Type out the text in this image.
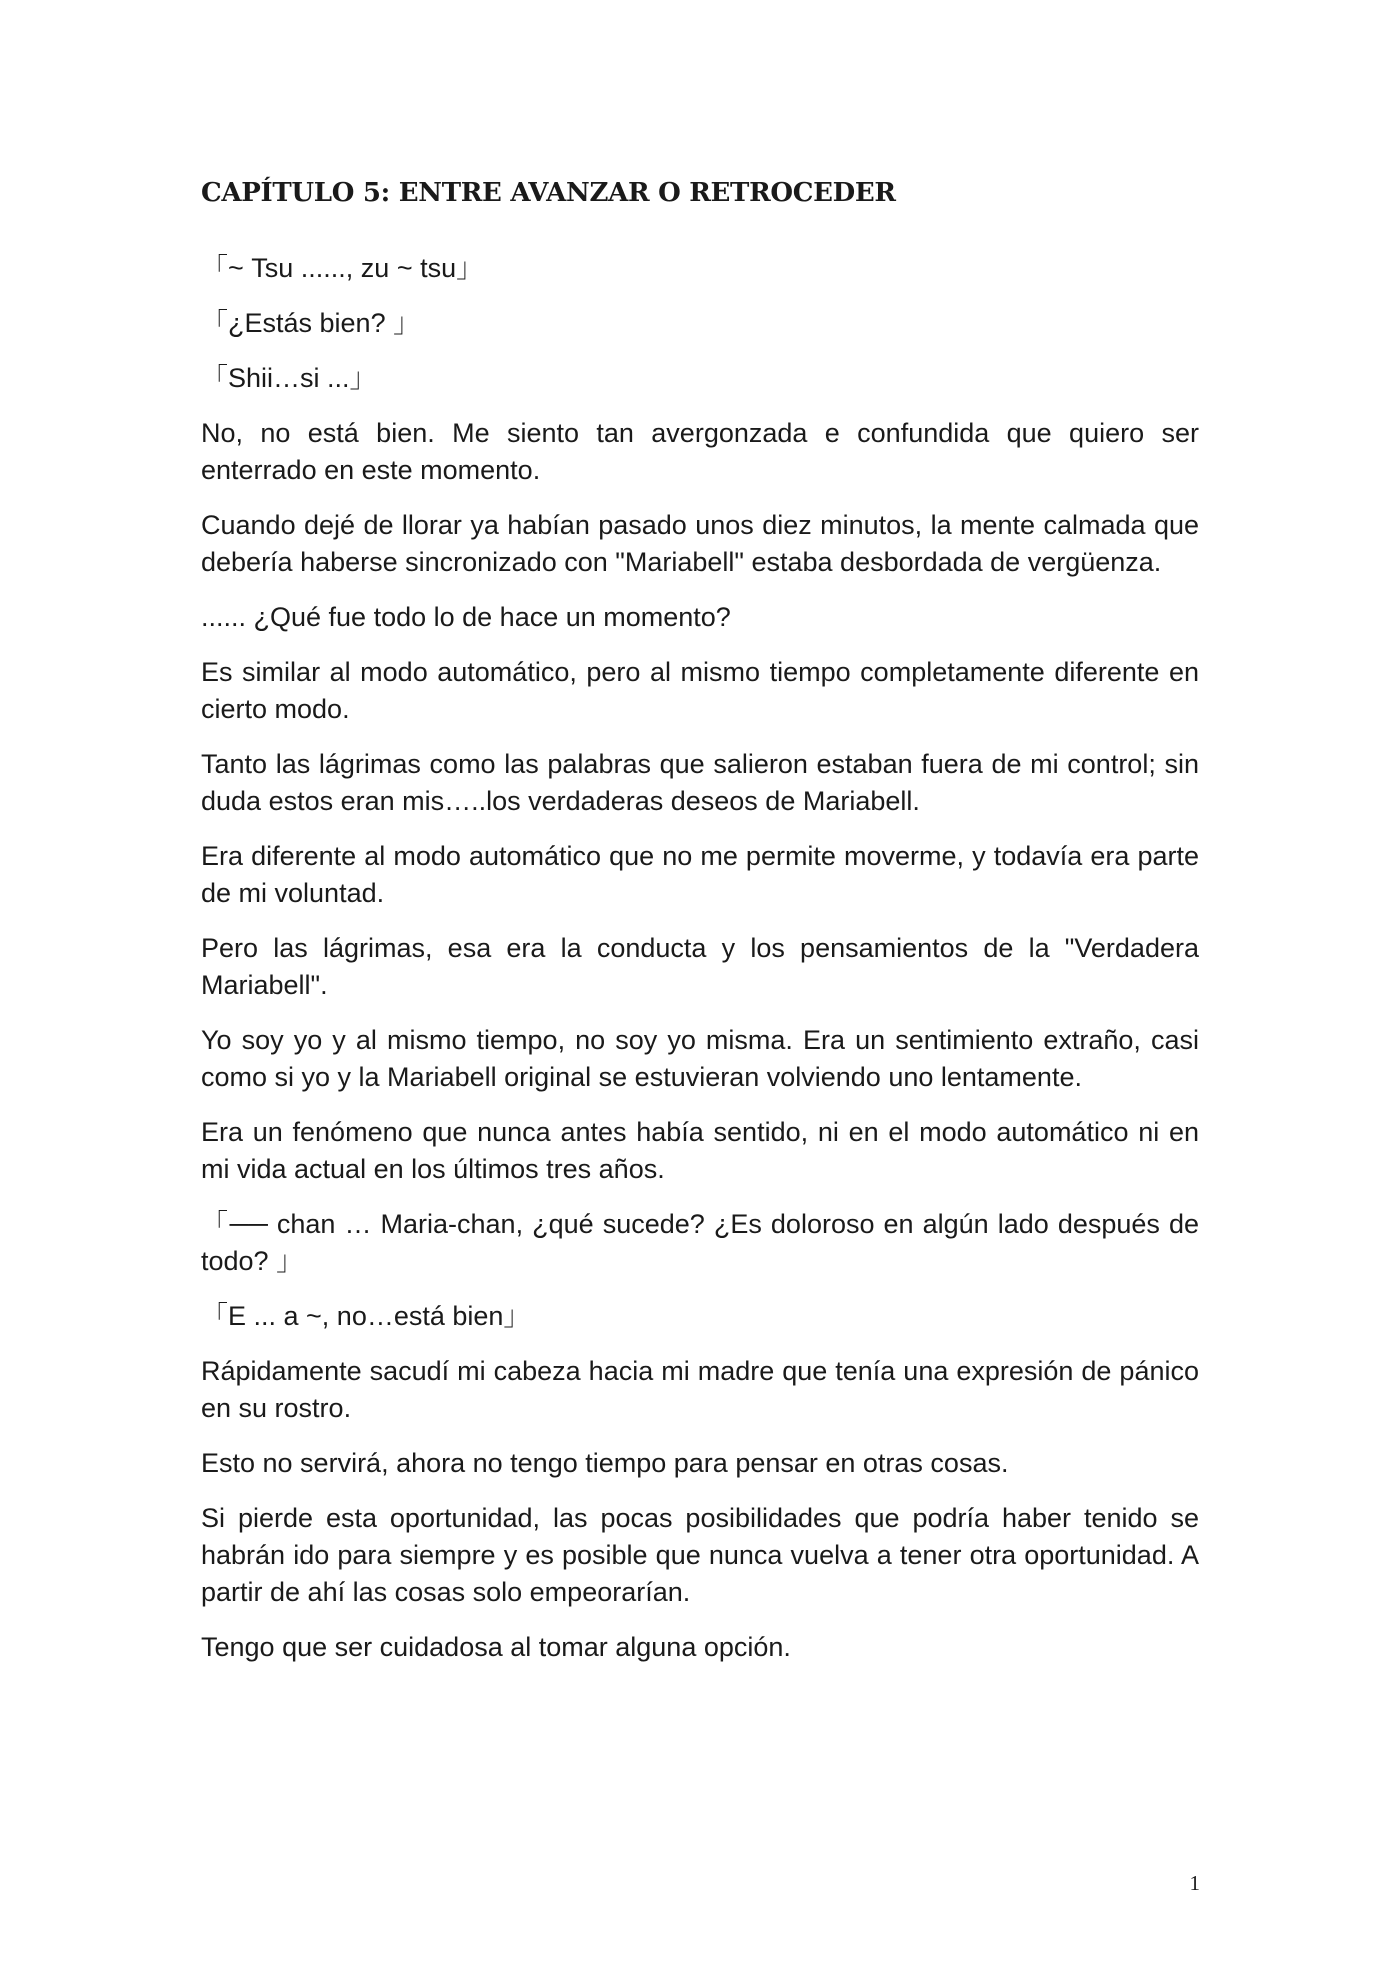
CAPÍTULO 5: ENTRE AVANZAR O RETROCEDER

「~ Tsu ......, zu ~ tsu」

「¿Estás bien? 」

「Shii…si ...」

No, no está bien. Me siento tan avergonzada e confundida que quiero ser enterrado en este momento.

Cuando dejé de llorar ya habían pasado unos diez minutos, la mente calmada que debería haberse sincronizado con "Mariabell" estaba desbordada de vergüenza.

...... ¿Qué fue todo lo de hace un momento?

Es similar al modo automático, pero al mismo tiempo completamente diferente en cierto modo.

Tanto las lágrimas como las palabras que salieron estaban fuera de mi control; sin duda estos eran mis…..los verdaderas deseos de Mariabell.

Era diferente al modo automático que no me permite moverme, y todavía era parte de mi voluntad.

Pero las lágrimas, esa era la conducta y los pensamientos de la "Verdadera Mariabell".

Yo soy yo y al mismo tiempo, no soy yo misma. Era un sentimiento extraño, casi como si yo y la Mariabell original se estuvieran volviendo uno lentamente.

Era un fenómeno que nunca antes había sentido, ni en el modo automático ni en mi vida actual en los últimos tres años.

「── chan … Maria-chan, ¿qué sucede? ¿Es doloroso en algún lado después de todo? 」

「E ... a ~, no…está bien」

Rápidamente sacudí mi cabeza hacia mi madre que tenía una expresión de pánico en su rostro.

Esto no servirá, ahora no tengo tiempo para pensar en otras cosas.

Si pierde esta oportunidad, las pocas posibilidades que podría haber tenido se habrán ido para siempre y es posible que nunca vuelva a tener otra oportunidad. A partir de ahí las cosas solo empeorarían.

Tengo que ser cuidadosa al tomar alguna opción.

1
